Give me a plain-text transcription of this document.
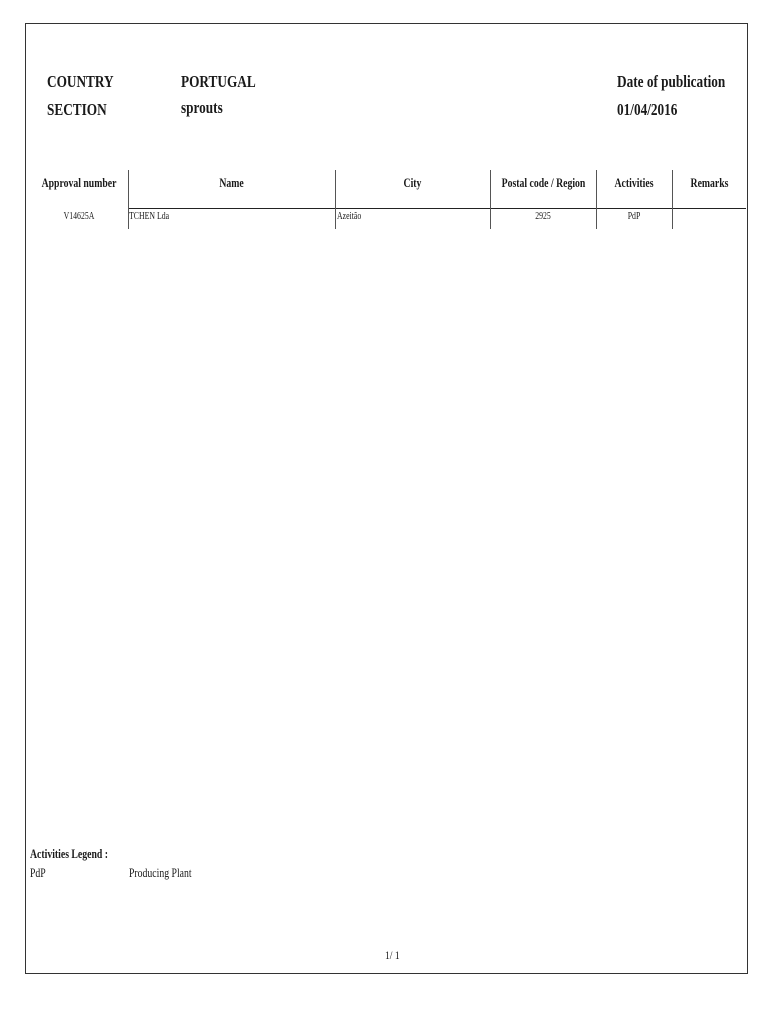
COUNTRY	PORTUGAL
SECTION	sprouts
Date of publication
01/04/2016
Approval number	Name	City	Postal code / Region	Activities	Remarks
V14625A	TCHEN Lda	Azeitão	2925	PdP
Activities Legend :
PdP	Producing Plant
1/ 1
